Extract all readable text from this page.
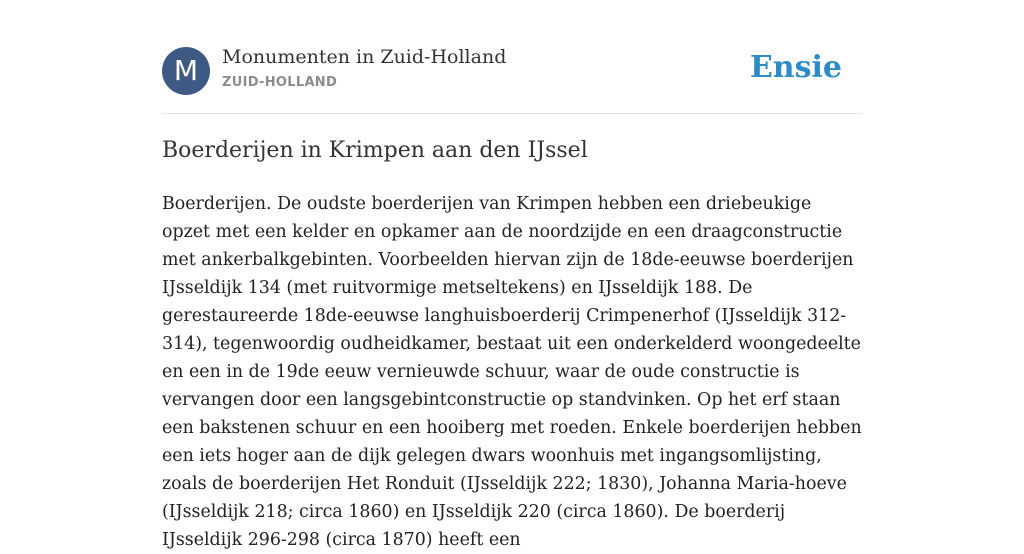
M	Monumenten in Zuid-Holland
ZUID-HOLLAND	Ensie
Boerderijen in Krimpen aan den IJssel

Boerderijen. De oudste boerderijen van Krimpen hebben een driebeukige opzet met een kelder en opkamer aan de noordzijde en een draagconstructie met ankerbalkgebinten. Voorbeelden hiervan zijn de 18de-eeuwse boerderijen IJsseldijk 134 (met ruitvormige metseltekens) en IJsseldijk 188. De gerestaureerde 18de-eeuwse langhuisboerderij Crimpenerhof (IJsseldijk 312-314), tegenwoordig oudheidkamer, bestaat uit een onderkelderd woongedeelte en een in de 19de eeuw vernieuwde schuur, waar de oude constructie is vervangen door een langsgebintconstructie op standvinken. Op het erf staan een bakstenen schuur en een hooiberg met roeden. Enkele boerderijen hebben een iets hoger aan de dijk gelegen dwars woonhuis met ingangsomlijsting, zoals de boerderijen Het Ronduit (IJsseldijk 222; 1830), Johanna Maria-hoeve (IJsseldijk 218; circa 1860) en IJsseldijk 220 (circa 1860). De boerderij IJsseldijk 296-298 (circa 1870) heeft een
